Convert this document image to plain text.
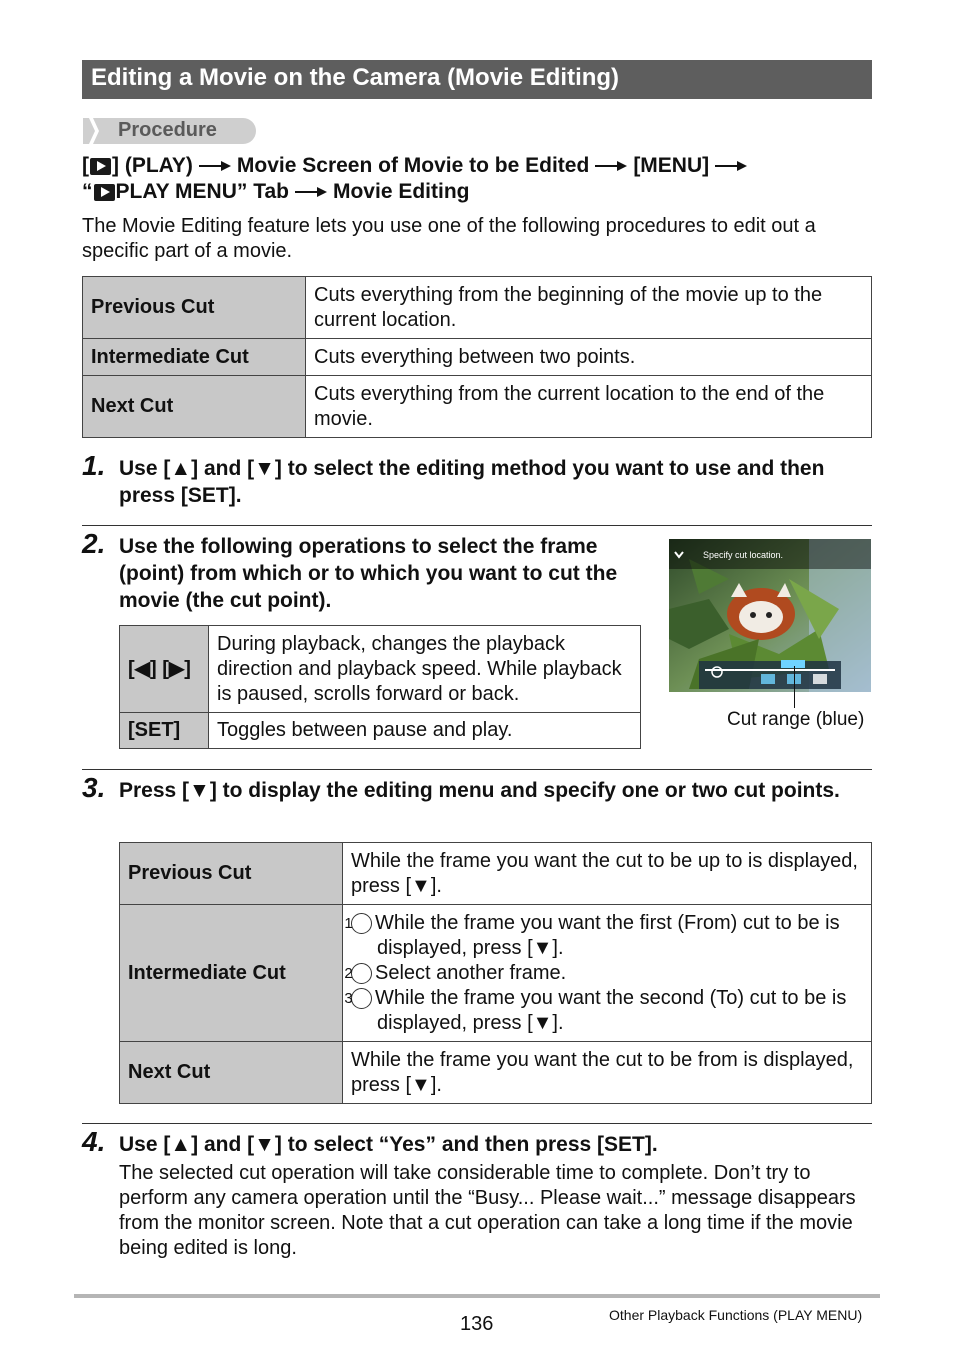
Editing a Movie on the Camera (Movie Editing)
Procedure
[ ] (PLAY) Movie Screen of Movie to be Edited [MENU]
“PLAY MENU” Tab Movie Editing
The Movie Editing feature lets you use one of the following procedures to edit out a specific part of a movie.
Previous Cut	Cuts everything from the beginning of the movie up to the current location.
Intermediate Cut	Cuts everything between two points.
Next Cut	Cuts everything from the current location to the end of the movie.
1. Use [▲] and [▼] to select the editing method you want to use and then press [SET].
2. Use the following operations to select the frame (point) from which or to which you want to cut the movie (the cut point).
[◀] [▶]	During playback, changes the playback direction and playback speed. While playback is paused, scrolls forward or back.
[SET]	Toggles between pause and play.
Specify cut location.
Cut range (blue)
3. Press [▼] to display the editing menu and specify one or two cut points.
Previous Cut	While the frame you want the cut to be up to is displayed, press [▼].
Intermediate Cut	1 While the frame you want the first (From) cut to be is displayed, press [▼].
2 Select another frame.
3 While the frame you want the second (To) cut to be is displayed, press [▼].

Next Cut	While the frame you want the cut to be from is displayed, press [▼].
4. Use [▲] and [▼] to select “Yes” and then press [SET].
The selected cut operation will take considerable time to complete. Don’t try to perform any camera operation until the “Busy... Please wait...” message disappears from the monitor screen. Note that a cut operation can take a long time if the movie being edited is long.
136	Other Playback Functions (PLAY MENU)
